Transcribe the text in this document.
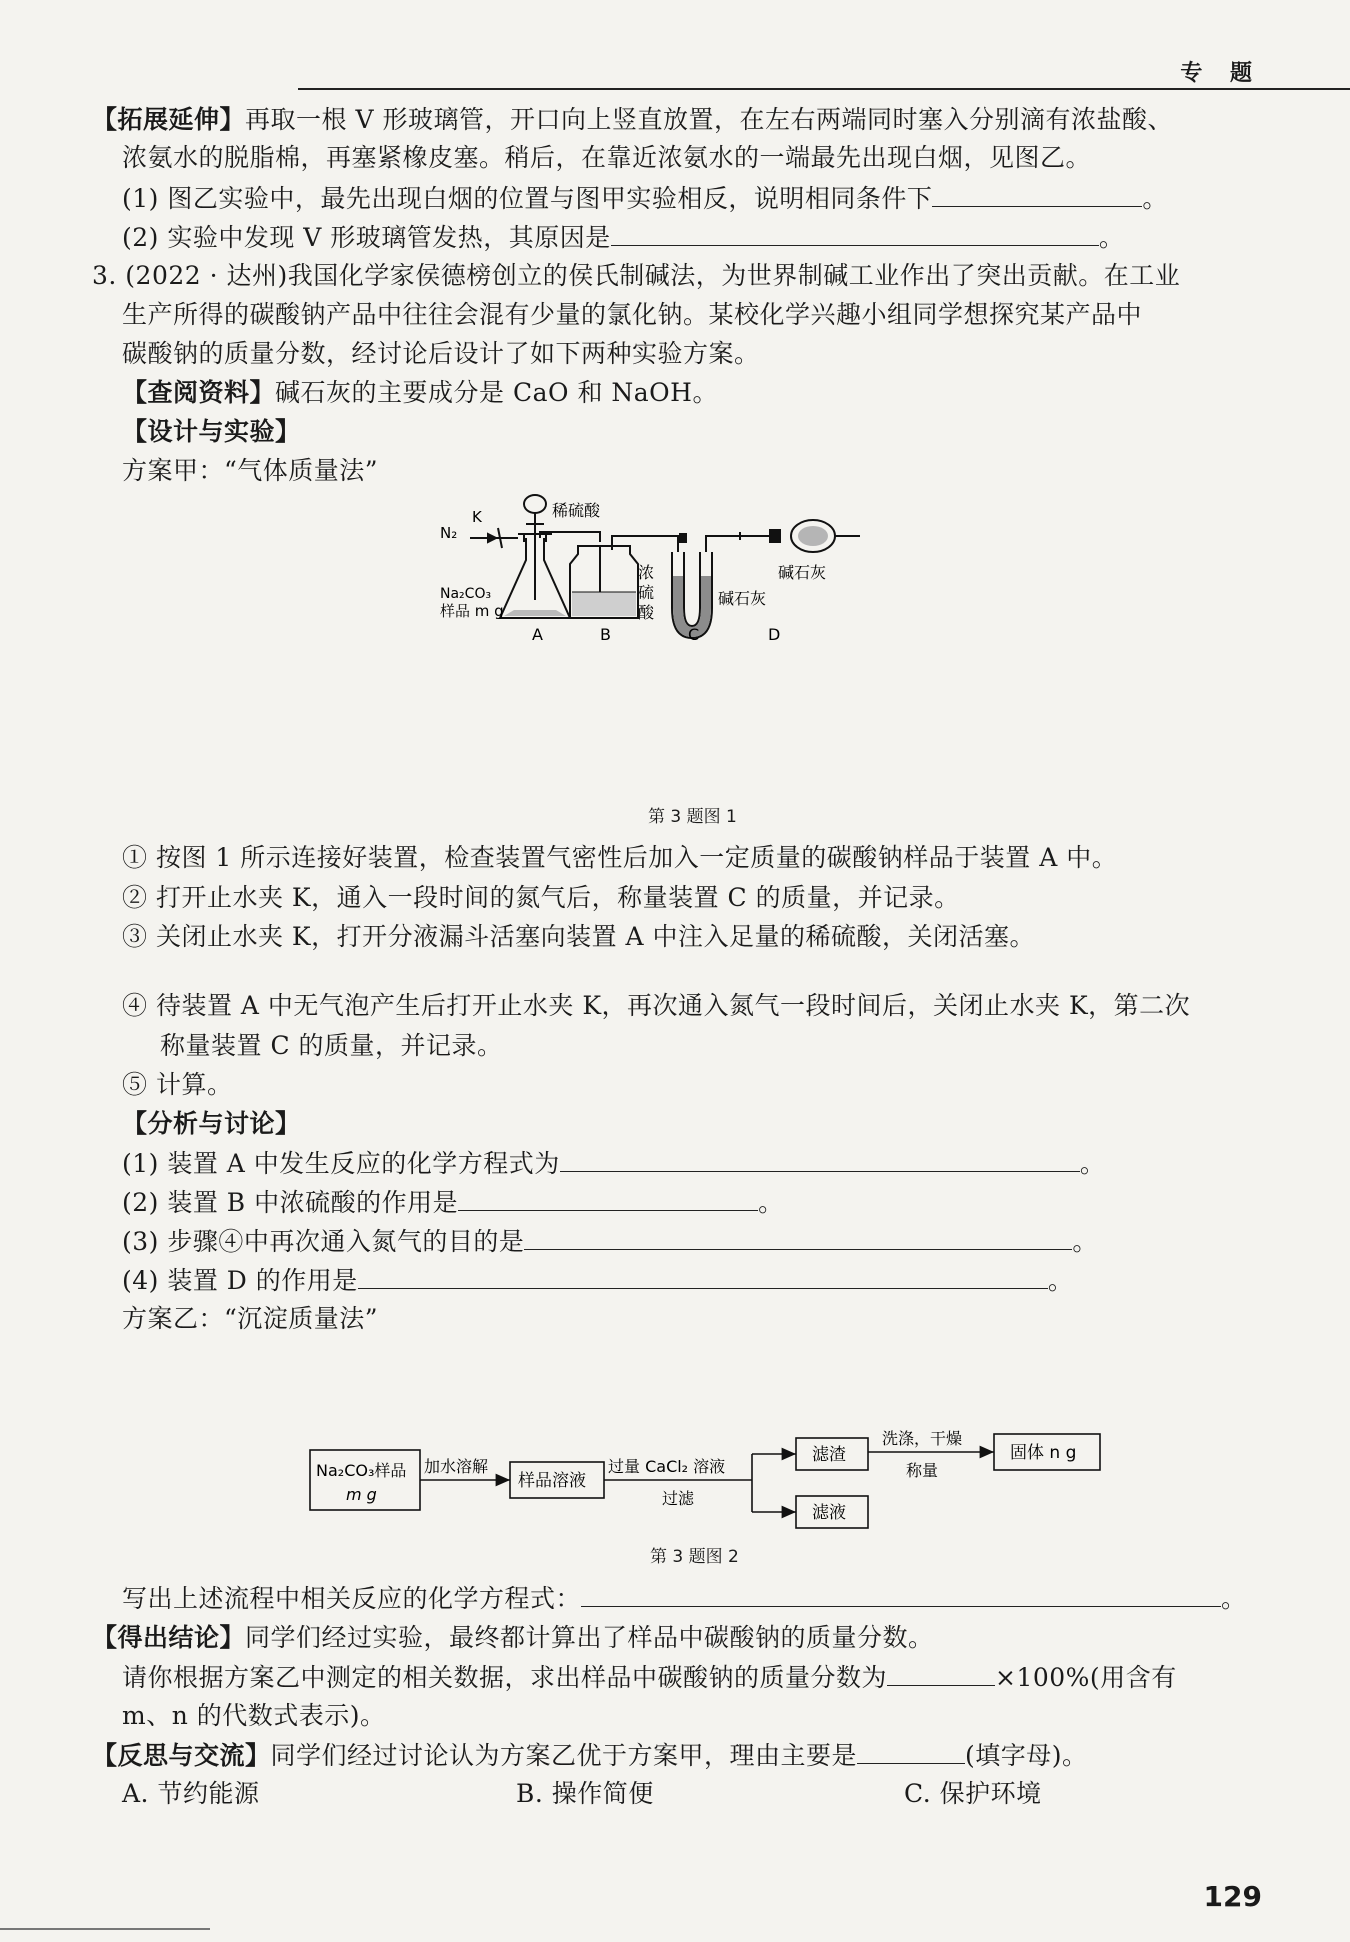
专 题
【拓展延伸】再取一根 V 形玻璃管，开口向上竖直放置，在左右两端同时塞入分别滴有浓盐酸、
浓氨水的脱脂棉，再塞紧橡皮塞。稍后，在靠近浓氨水的一端最先出现白烟，见图乙。
(1) 图乙实验中，最先出现白烟的位置与图甲实验相反，说明相同条件下	。
(2) 实验中发现 V 形玻璃管发热，其原因是	。
3. (2022 · 达州)我国化学家侯德榜创立的侯氏制碱法，为世界制碱工业作出了突出贡献。在工业
生产所得的碳酸钠产品中往往会混有少量的氯化钠。某校化学兴趣小组同学想探究某产品中
碳酸钠的质量分数，经讨论后设计了如下两种实验方案。
【查阅资料】碱石灰的主要成分是 CaO 和 NaOH。
【设计与实验】
方案甲：“气体质量法”
N₂
K	稀硫酸
Na₂CO₃
样品 m g
浓
硫
酸
碱石灰
碱石灰
A	B	C	D
第 3 题图 1
① 按图 1 所示连接好装置，检查装置气密性后加入一定质量的碳酸钠样品于装置 A 中。
② 打开止水夹 K，通入一段时间的氮气后，称量装置 C 的质量，并记录。
③ 关闭止水夹 K，打开分液漏斗活塞向装置 A 中注入足量的稀硫酸，关闭活塞。
④ 待装置 A 中无气泡产生后打开止水夹 K，再次通入氮气一段时间后，关闭止水夹 K，第二次
称量装置 C 的质量，并记录。
⑤ 计算。
【分析与讨论】
(1) 装置 A 中发生反应的化学方程式为	。
(2) 装置 B 中浓硫酸的作用是	。
(3) 步骤④中再次通入氮气的目的是	。
(4) 装置 D 的作用是	。
方案乙：“沉淀质量法”
Na₂CO₃样品
m g
加水溶解
样品溶液
过量 CaCl₂ 溶液
过滤
滤渣
洗涤，干燥
称量
固体 n g
滤液
第 3 题图 2
写出上述流程中相关反应的化学方程式：	。
【得出结论】同学们经过实验，最终都计算出了样品中碳酸钠的质量分数。
请你根据方案乙中测定的相关数据，求出样品中碳酸钠的质量分数为	×100%(用含有
m、n 的代数式表示)。
【反思与交流】同学们经过讨论认为方案乙优于方案甲，理由主要是	(填字母)。
A. 节约能源	B. 操作简便	C. 保护环境
129
